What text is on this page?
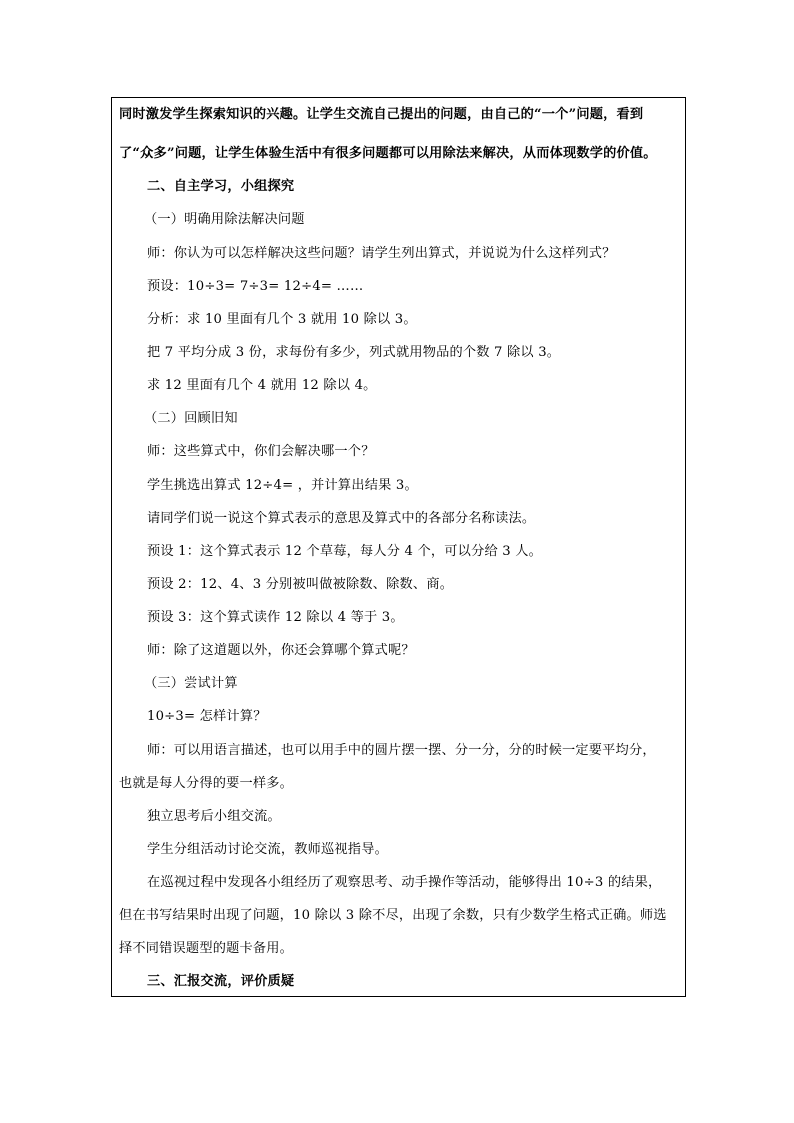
同时激发学生探索知识的兴趣。让学生交流自己提出的问题，由自己的“一个”问题，看到
了“众多”问题，让学生体验生活中有很多问题都可以用除法来解决，从而体现数学的价值。
二、自主学习，小组探究
（一）明确用除法解决问题
师：你认为可以怎样解决这些问题？请学生列出算式，并说说为什么这样列式？
预设：10÷3= 7÷3= 12÷4= ……
分析：求 10 里面有几个 3 就用 10 除以 3。
把 7 平均分成 3 份，求每份有多少，列式就用物品的个数 7 除以 3。
求 12 里面有几个 4 就用 12 除以 4。
（二）回顾旧知
师：这些算式中，你们会解决哪一个？
学生挑选出算式 12÷4= ，并计算出结果 3。
请同学们说一说这个算式表示的意思及算式中的各部分名称读法。
预设 1：这个算式表示 12 个草莓，每人分 4 个，可以分给 3 人。
预设 2：12、4、3 分别被叫做被除数、除数、商。
预设 3：这个算式读作 12 除以 4 等于 3。
师：除了这道题以外，你还会算哪个算式呢？
（三）尝试计算
10÷3= 怎样计算？
师：可以用语言描述，也可以用手中的圆片摆一摆、分一分，分的时候一定要平均分，
也就是每人分得的要一样多。
独立思考后小组交流。
学生分组活动讨论交流，教师巡视指导。
在巡视过程中发现各小组经历了观察思考、动手操作等活动，能够得出 10÷3 的结果，
但在书写结果时出现了问题，10 除以 3 除不尽，出现了余数，只有少数学生格式正确。师选
择不同错误题型的题卡备用。
三、汇报交流，评价质疑
